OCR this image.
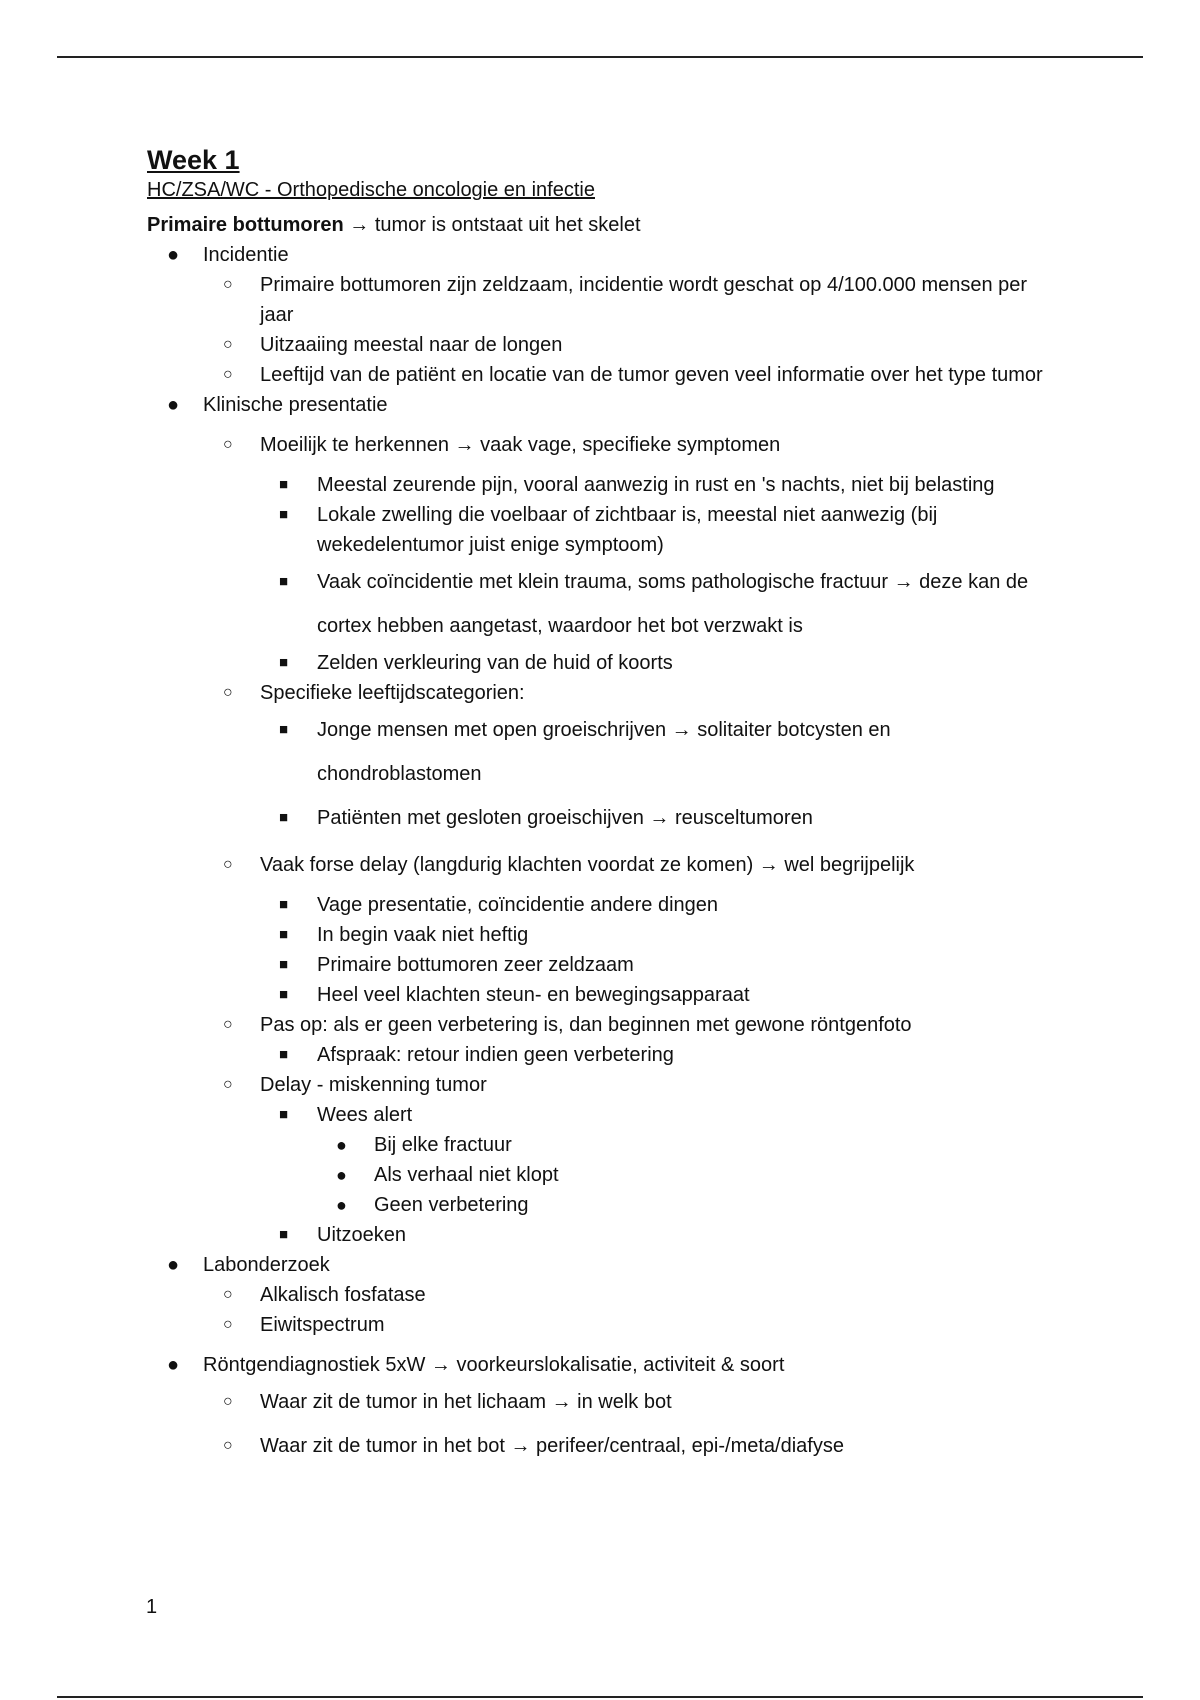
Week 1
HC/ZSA/WC - Orthopedische oncologie en infectie
Primaire bottumoren → tumor is ontstaat uit het skelet
● Incidentie
○ Primaire bottumoren zijn zeldzaam, incidentie wordt geschat op 4/100.000 mensen per jaar
○ Uitzaaiing meestal naar de longen
○ Leeftijd van de patiënt en locatie van de tumor geven veel informatie over het type tumor
● Klinische presentatie
○ Moeilijk te herkennen → vaak vage, specifieke symptomen
■ Meestal zeurende pijn, vooral aanwezig in rust en 's nachts, niet bij belasting
■ Lokale zwelling die voelbaar of zichtbaar is, meestal niet aanwezig (bij wekedelentumor juist enige symptoom)
■ Vaak coïncidentie met klein trauma, soms pathologische fractuur → deze kan de cortex hebben aangetast, waardoor het bot verzwakt is
■ Zelden verkleuring van de huid of koorts
○ Specifieke leeftijdscategorien:
■ Jonge mensen met open groeischrijven → solitaiter botcysten en chondroblastomen
■ Patiënten met gesloten groeischijven → reusceltumoren
○ Vaak forse delay (langdurig klachten voordat ze komen) → wel begrijpelijk
■ Vage presentatie, coïncidentie andere dingen
■ In begin vaak niet heftig
■ Primaire bottumoren zeer zeldzaam
■ Heel veel klachten steun- en bewegingsapparaat
○ Pas op: als er geen verbetering is, dan beginnen met gewone röntgenfoto
■ Afspraak: retour indien geen verbetering
○ Delay - miskenning tumor
■ Wees alert
● Bij elke fractuur
● Als verhaal niet klopt
● Geen verbetering
■ Uitzoeken
● Labonderzoek
○ Alkalisch fosfatase
○ Eiwitspectrum
● Röntgendiagnostiek 5xW → voorkeurslokalisatie, activiteit & soort
○ Waar zit de tumor in het lichaam → in welk bot
○ Waar zit de tumor in het bot → perifeer/centraal, epi-/meta/diafyse
1
